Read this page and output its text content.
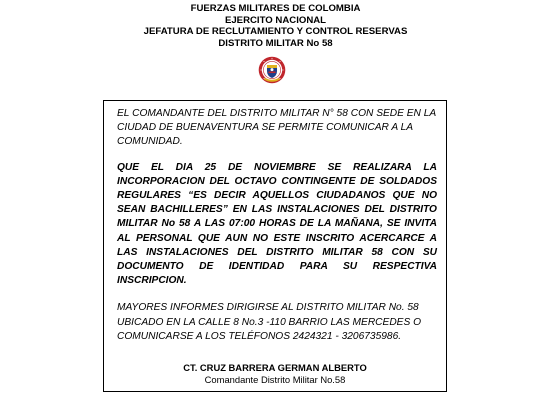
FUERZAS MILITARES DE COLOMBIA
EJERCITO NACIONAL
JEFATURA DE RECLUTAMIENTO Y CONTROL RESERVAS
DISTRITO MILITAR No 58

EL COMANDANTE DEL DISTRITO MILITAR N° 58 CON SEDE EN LA CIUDAD DE BUENAVENTURA SE PERMITE COMUNICAR A LA COMUNIDAD.

QUE EL DIA 25 DE NOVIEMBRE SE REALIZARA LA INCORPORACION DEL OCTAVO CONTINGENTE DE SOLDADOS REGULARES “ES DECIR AQUELLOS CIUDADANOS QUE NO SEAN BACHILLERES” EN LAS INSTALACIONES DEL DISTRITO MILITAR No 58 A LAS 07:00 HORAS DE LA MAÑANA, SE INVITA AL PERSONAL QUE AUN NO ESTE INSCRITO ACERCARCE A LAS INSTALACIONES DEL DISTRITO MILITAR 58 CON SU DOCUMENTO DE IDENTIDAD PARA SU RESPECTIVA INSCRIPCION.

MAYORES INFORMES DIRIGIRSE AL DISTRITO MILITAR No. 58 UBICADO EN LA CALLE 8 No.3 -110 BARRIO LAS MERCEDES O COMUNICARSE A LOS TELÉFONOS 2424321 - 3206735986.

CT. CRUZ BARRERA GERMAN ALBERTO
Comandante Distrito Militar No.58
